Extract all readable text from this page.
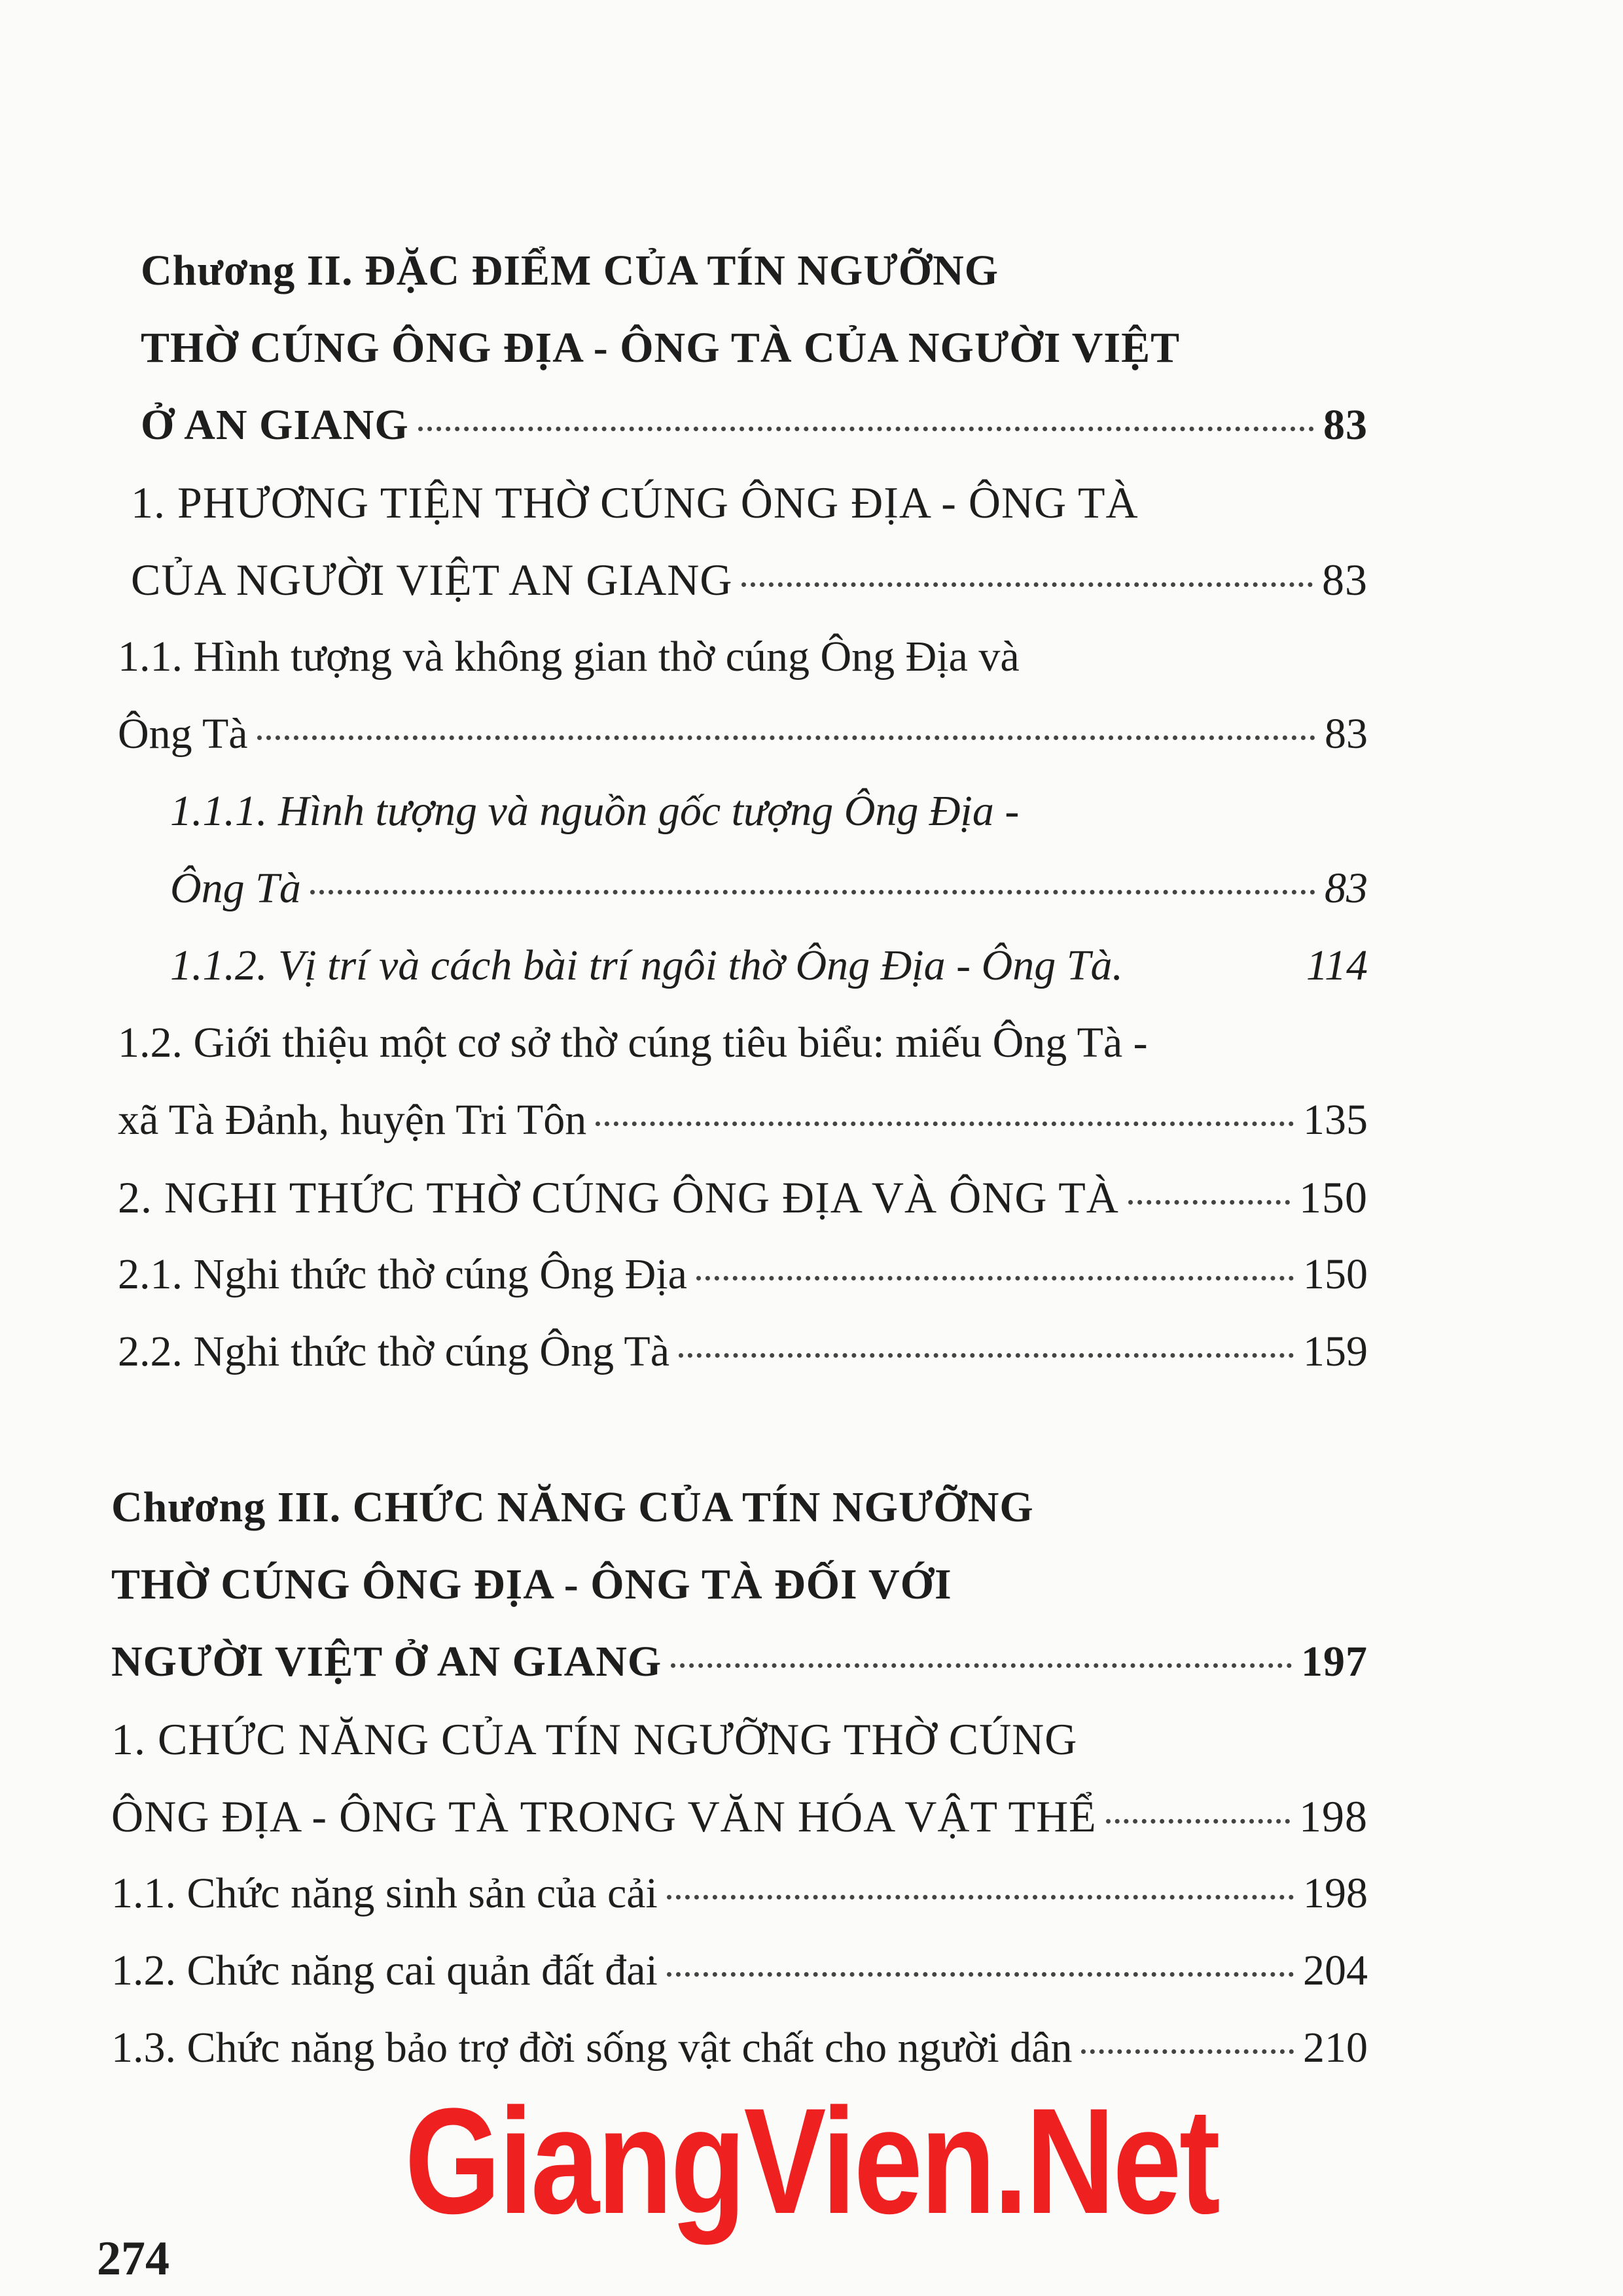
Chương II. ĐẶC ĐIỂM CỦA TÍN NGƯỠNG
THỜ CÚNG ÔNG ĐỊA - ÔNG TÀ CỦA NGƯỜI VIỆT
Ở AN GIANG	83
1. PHƯƠNG TIỆN THỜ CÚNG ÔNG ĐỊA - ÔNG TÀ
CỦA NGƯỜI VIỆT AN GIANG	83
1.1. Hình tượng và không gian thờ cúng Ông Địa và
Ông Tà	83
1.1.1. Hình tượng và nguồn gốc tượng Ông Địa -
Ông Tà	83
1.1.2. Vị trí và cách bài trí ngôi thờ Ông Địa - Ông Tà.	114
1.2. Giới thiệu một cơ sở thờ cúng tiêu biểu: miếu Ông Tà -
xã Tà Đảnh, huyện Tri Tôn	135
2. NGHI THỨC THỜ CÚNG ÔNG ĐỊA VÀ ÔNG TÀ	150
2.1. Nghi thức thờ cúng Ông Địa	150
2.2. Nghi thức thờ cúng Ông Tà	159
Chương III. CHỨC NĂNG CỦA TÍN NGƯỠNG
THỜ CÚNG ÔNG ĐỊA - ÔNG TÀ ĐỐI VỚI
NGƯỜI VIỆT Ở AN GIANG	197
1. CHỨC NĂNG CỦA TÍN NGƯỠNG THỜ CÚNG
ÔNG ĐỊA - ÔNG TÀ TRONG VĂN HÓA VẬT THỂ	198
1.1. Chức năng sinh sản của cải	198
1.2. Chức năng cai quản đất đai	204
1.3. Chức năng bảo trợ đời sống vật chất cho người dân	210
GiangVien.Net
274
